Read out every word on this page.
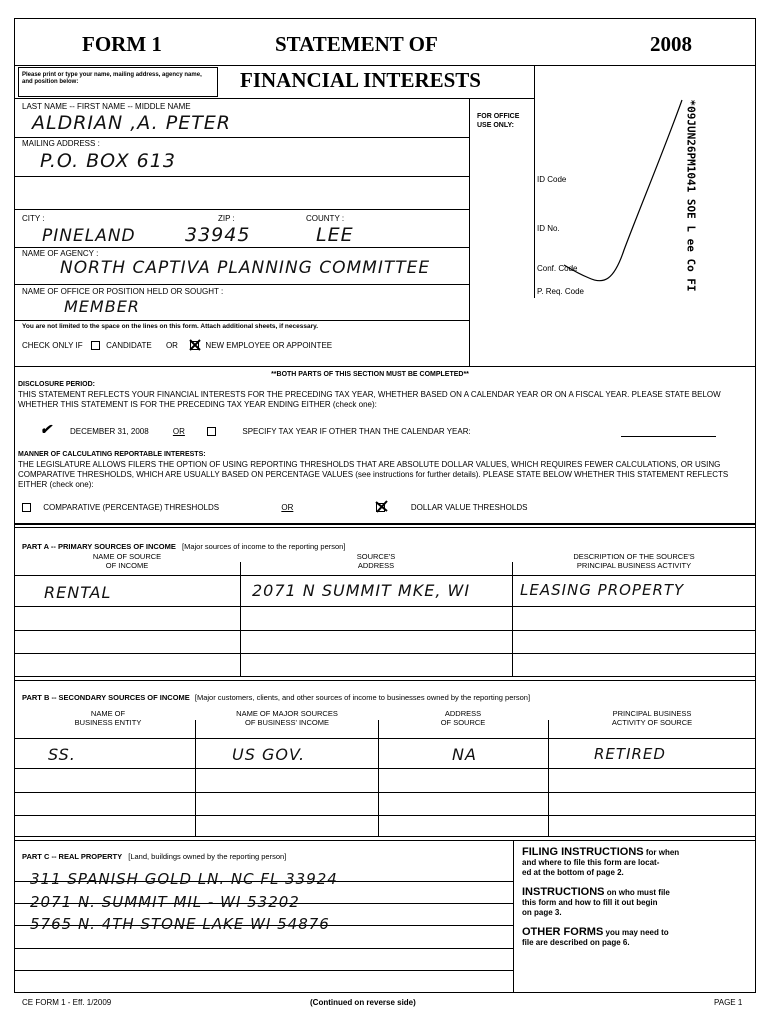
FORM 1	STATEMENT OF	2008
FINANCIAL INTERESTS
Please print or type your name, mailing address, agency name, and position below:
LAST NAME -- FIRST NAME -- MIDDLE NAME
ALDRIAN ,A. PETER
MAILING ADDRESS :
P.O. BOX 613
CITY :	ZIP :	COUNTY :
PINELAND	33945	LEE
NAME OF AGENCY :
NORTH CAPTIVA PLANNING COMMITTEE
NAME OF OFFICE OR POSITION HELD OR SOUGHT :
MEMBER
You are not limited to the space on the lines on this form. Attach additional sheets, if necessary.
CHECK ONLY IF	CANDIDATE OR	NEW EMPLOYEE OR APPOINTEE
FOR OFFICE
USE ONLY:
ID Code
ID No.
Conf. Code
P. Req. Code	*09JUN26PM1041 SOE L ee Co FI
**BOTH PARTS OF THIS SECTION MUST BE COMPLETED**
DISCLOSURE PERIOD:
THIS STATEMENT REFLECTS YOUR FINANCIAL INTERESTS FOR THE PRECEDING TAX YEAR, WHETHER BASED ON A CALENDAR YEAR OR ON A FISCAL YEAR. PLEASE STATE BELOW WHETHER THIS STATEMENT IS FOR THE PRECEDING TAX YEAR ENDING EITHER (check one):
✔ DECEMBER 31, 2008	OR	SPECIFY TAX YEAR IF OTHER THAN THE CALENDAR YEAR:
MANNER OF CALCULATING REPORTABLE INTERESTS:
THE LEGISLATURE ALLOWS FILERS THE OPTION OF USING REPORTING THRESHOLDS THAT ARE ABSOLUTE DOLLAR VALUES, WHICH REQUIRES FEWER CALCULATIONS, OR USING COMPARATIVE THRESHOLDS, WHICH ARE USUALLY BASED ON PERCENTAGE VALUES (see instructions for further details). PLEASE STATE BELOW WHETHER THIS STATEMENT REFLECTS EITHER (check one):
COMPARATIVE (PERCENTAGE) THRESHOLDS	OR	DOLLAR VALUE THRESHOLDS
PART A -- PRIMARY SOURCES OF INCOME [Major sources of income to the reporting person]
NAME OF SOURCE
OF INCOME
SOURCE'S
ADDRESS
DESCRIPTION OF THE SOURCE'S
PRINCIPAL BUSINESS ACTIVITY
RENTAL	2071 N SUMMIT MKE, WI	LEASING PROPERTY
PART B -- SECONDARY SOURCES OF INCOME [Major customers, clients, and other sources of income to businesses owned by the reporting person]
NAME OF
BUSINESS ENTITY
NAME OF MAJOR SOURCES
OF BUSINESS' INCOME
ADDRESS
OF SOURCE
PRINCIPAL BUSINESS
ACTIVITY OF SOURCE
SS.	US GOV.	NA	RETIRED
PART C -- REAL PROPERTY [Land, buildings owned by the reporting person]
311 SPANISH GOLD LN. NC FL 33924
2071 N. SUMMIT MIL - WI 53202
5765 N. 4TH STONE LAKE WI 54876
FILING INSTRUCTIONS for when
and where to file this form are locat-
ed at the bottom of page 2.
INSTRUCTIONS on who must file
this form and how to fill it out begin
on page 3.
OTHER FORMS you may need to
file are described on page 6.
CE FORM 1 - Eff. 1/2009	(Continued on reverse side)	PAGE 1
